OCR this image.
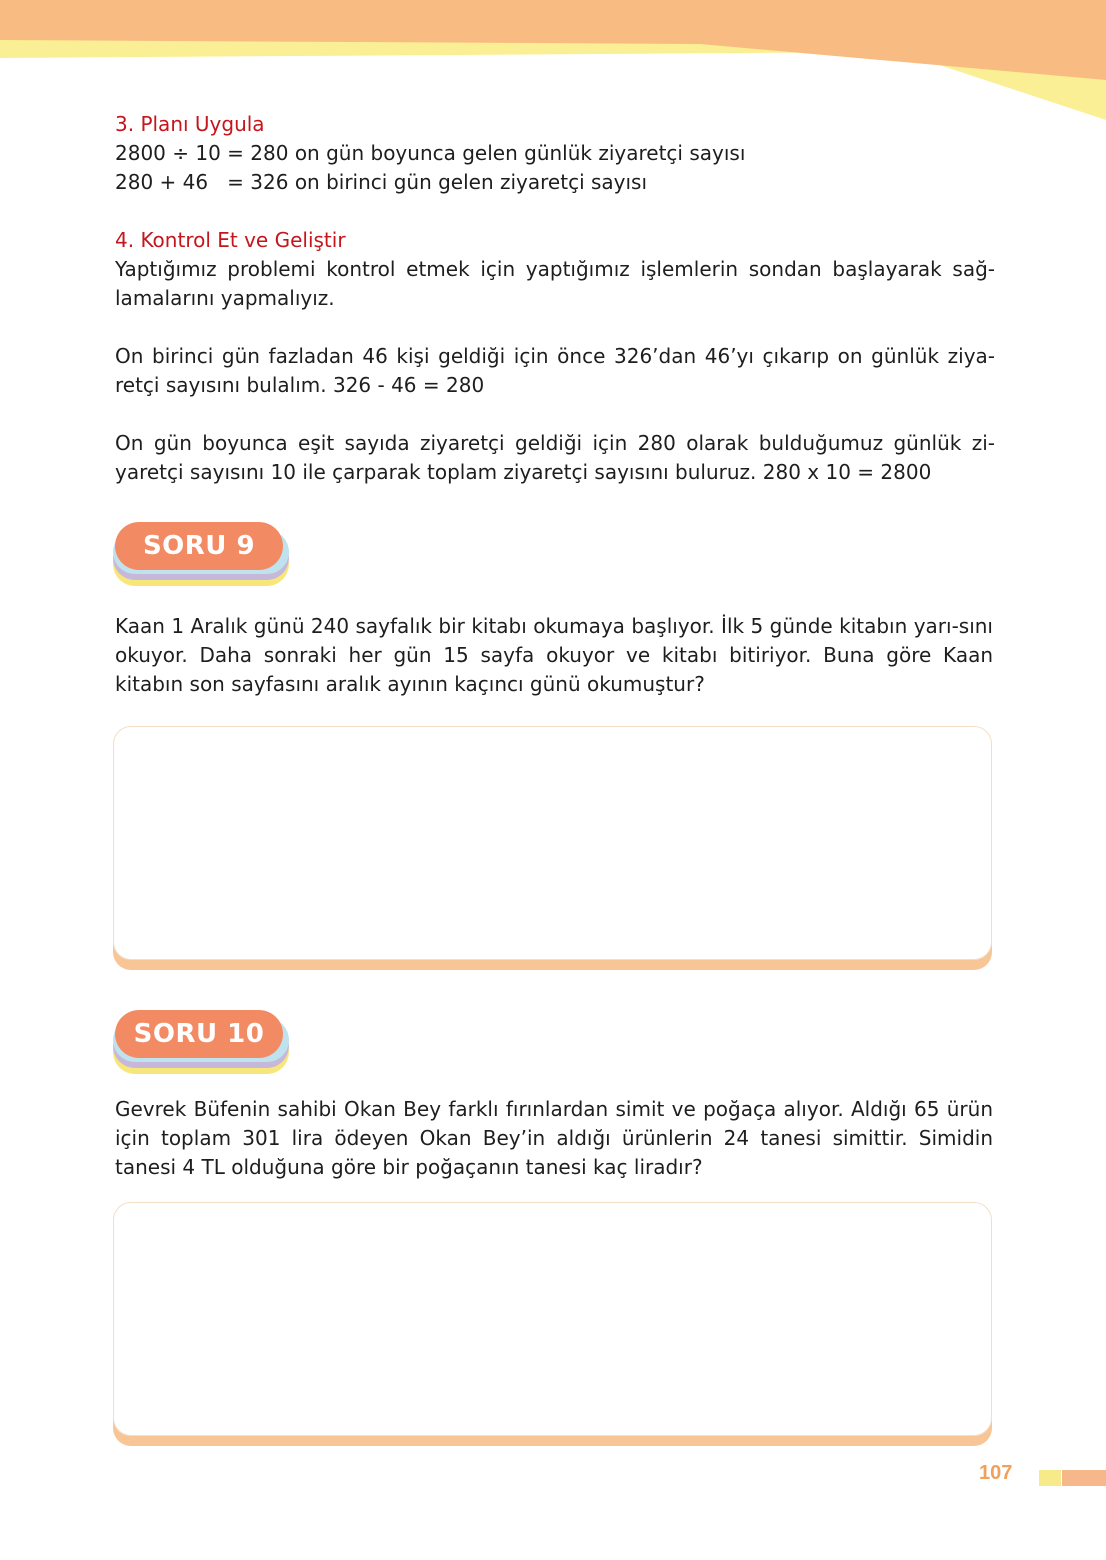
3. Planı Uygula

2800 ÷ 10 = 280 on gün boyunca gelen günlük ziyaretçi sayısı

280 + 46   = 326 on birinci gün gelen ziyaretçi sayısı

4. Kontrol Et ve Geliştir

Yaptığımız problemi kontrol etmek için yaptığımız işlemlerin sondan başlayarak sağ-lamalarını yapmalıyız.

On birinci gün fazladan 46 kişi geldiği için önce 326’dan 46’yı çıkarıp on günlük ziya-retçi sayısını bulalım. 326 - 46 = 280

On gün boyunca eşit sayıda ziyaretçi geldiği için 280 olarak bulduğumuz günlük zi-yaretçi sayısını 10 ile çarparak toplam ziyaretçi sayısını buluruz. 280 x 10 = 2800

SORU 9

Kaan 1 Aralık günü 240 sayfalık bir kitabı okumaya başlıyor. İlk 5 günde kitabın yarı-sını okuyor. Daha sonraki her gün 15 sayfa okuyor ve kitabı bitiriyor. Buna göre Kaan kitabın son sayfasını aralık ayının kaçıncı günü okumuştur?

SORU 10

Gevrek Büfenin sahibi Okan Bey farklı fırınlardan simit ve poğaça alıyor. Aldığı 65 ürün için toplam 301 lira ödeyen Okan Bey’in aldığı ürünlerin 24 tanesi simittir. Simidin tanesi 4 TL olduğuna göre bir poğaçanın tanesi kaç liradır?

107
